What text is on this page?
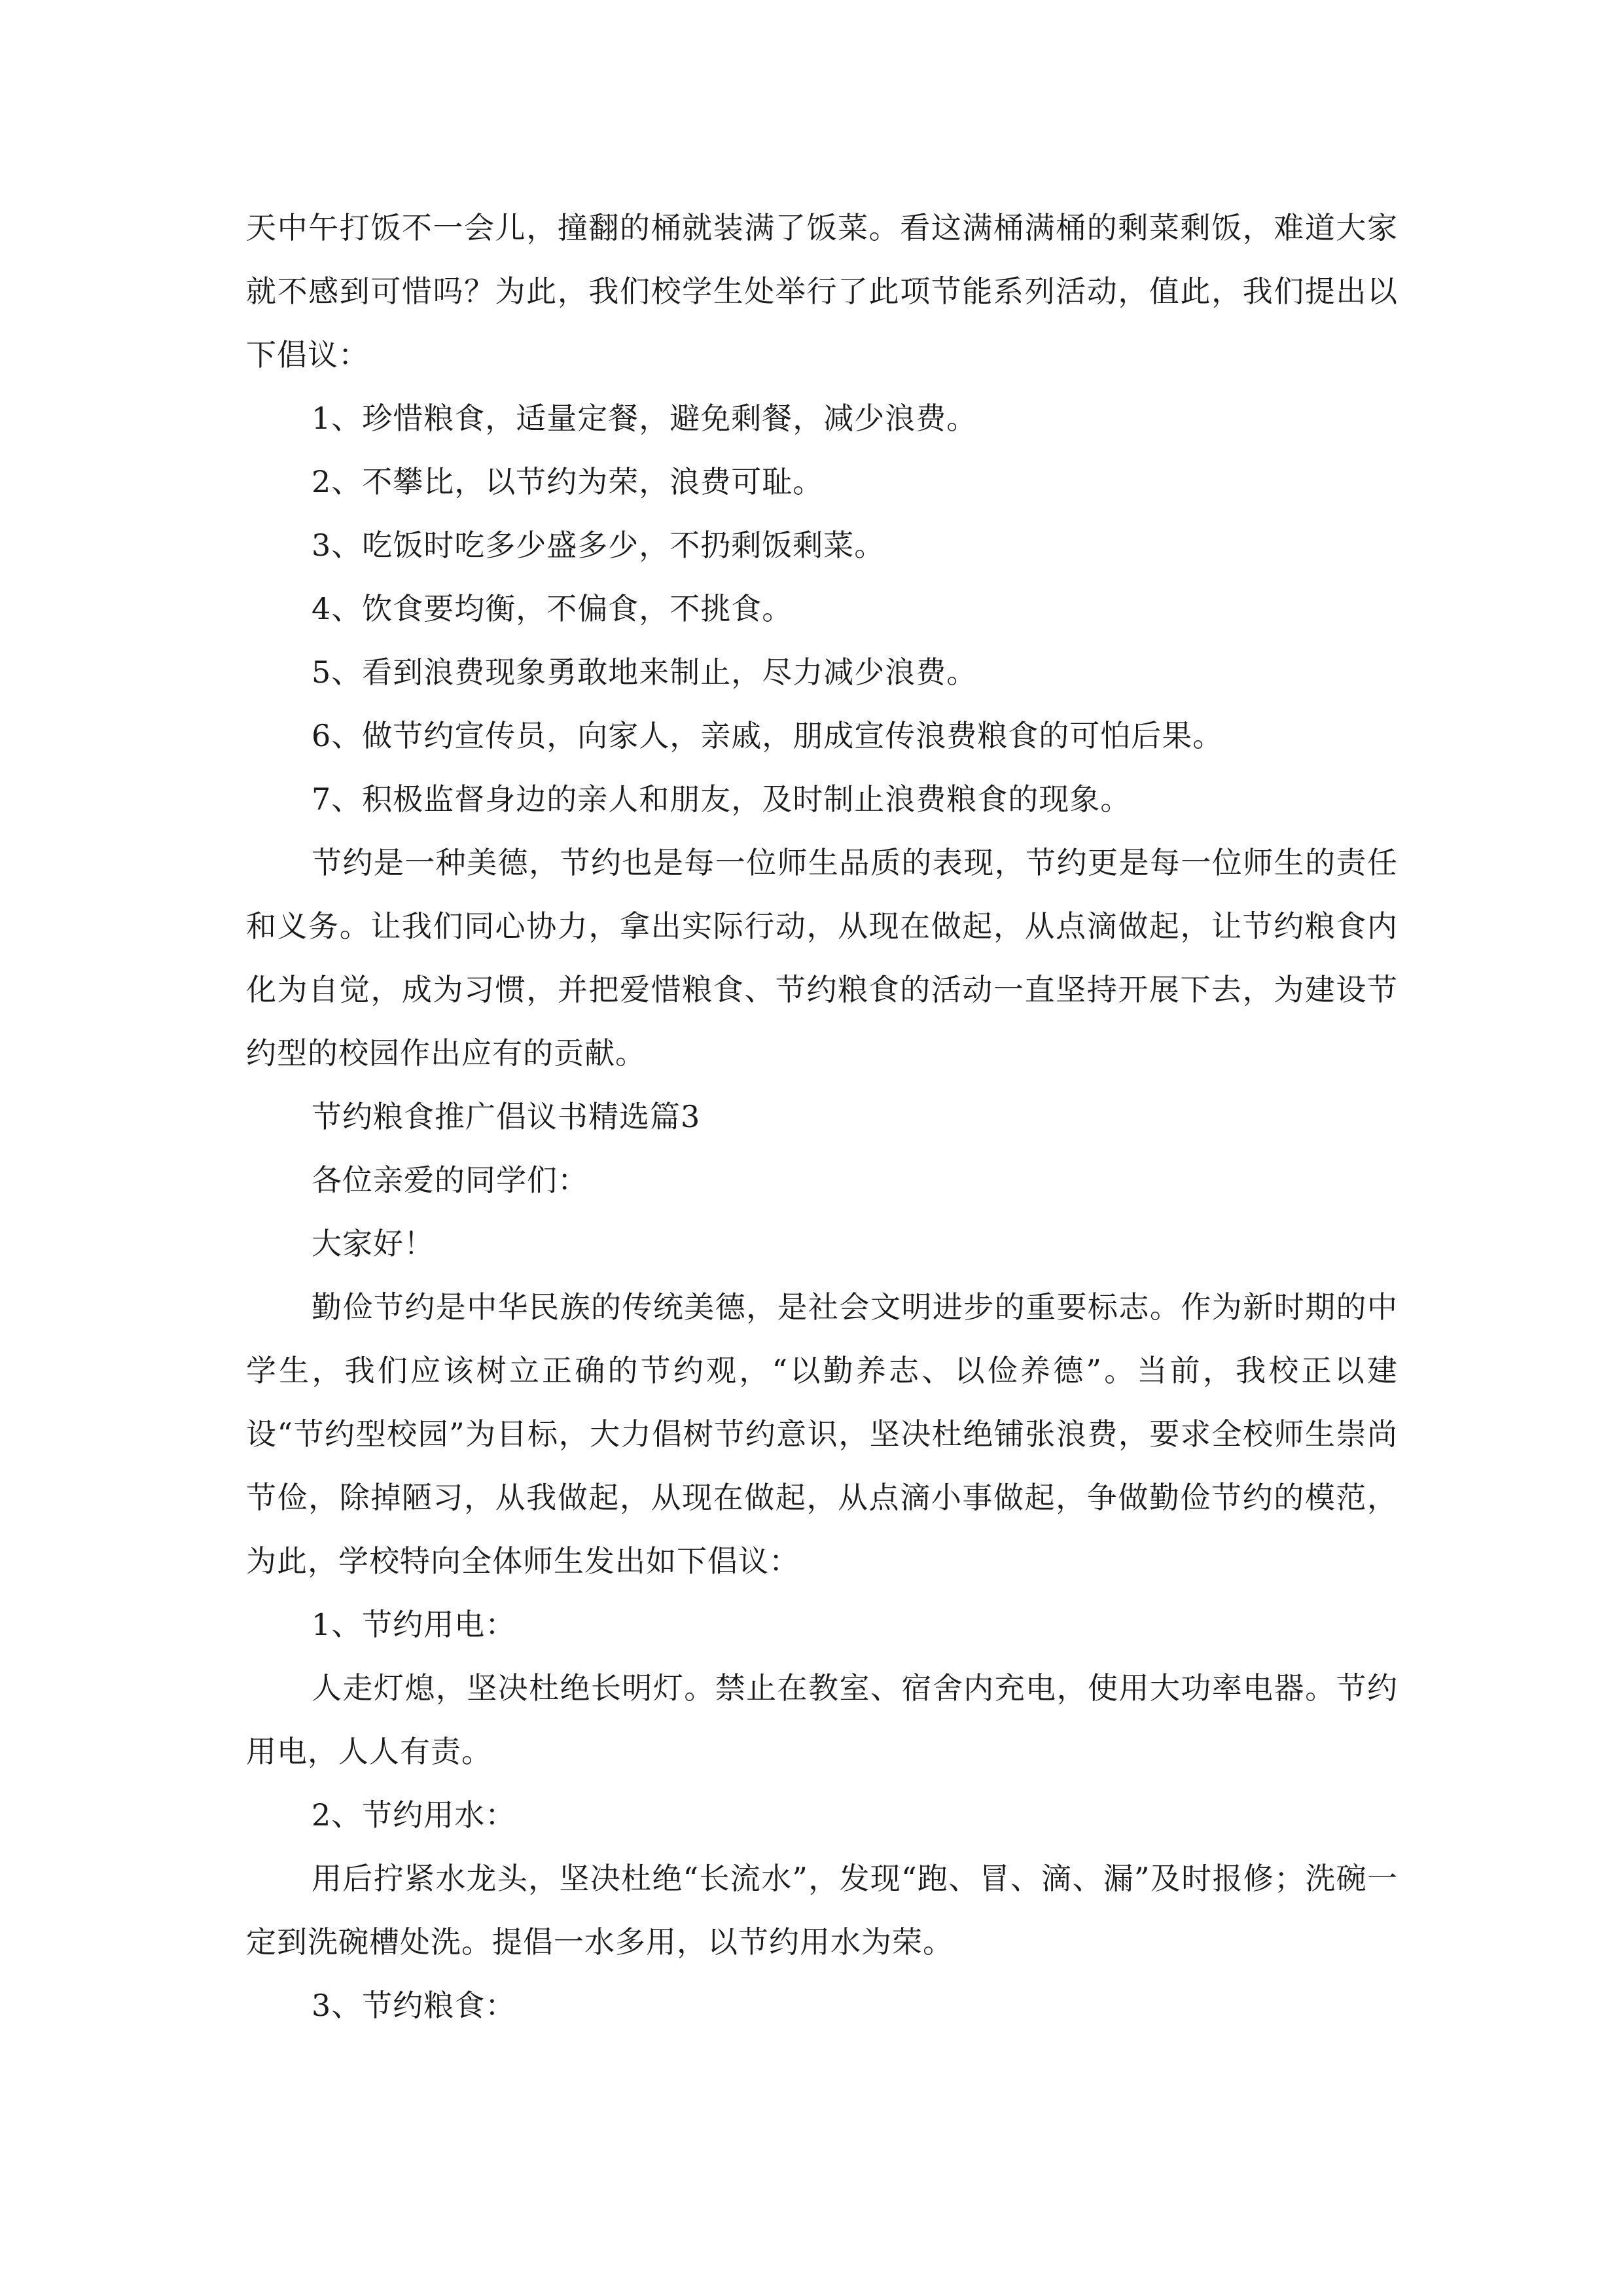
天中午打饭不一会儿，撞翻的桶就装满了饭菜。看这满桶满桶的剩菜剩饭，难道大家就不感到可惜吗？为此，我们校学生处举行了此项节能系列活动，值此，我们提出以下倡议：

1、珍惜粮食，适量定餐，避免剩餐，减少浪费。

2、不攀比，以节约为荣，浪费可耻。

3、吃饭时吃多少盛多少，不扔剩饭剩菜。

4、饮食要均衡，不偏食，不挑食。

5、看到浪费现象勇敢地来制止，尽力减少浪费。

6、做节约宣传员，向家人，亲戚，朋成宣传浪费粮食的可怕后果。

7、积极监督身边的亲人和朋友，及时制止浪费粮食的现象。

节约是一种美德，节约也是每一位师生品质的表现，节约更是每一位师生的责任和义务。让我们同心协力，拿出实际行动，从现在做起，从点滴做起，让节约粮食内化为自觉，成为习惯，并把爱惜粮食、节约粮食的活动一直坚持开展下去，为建设节约型的校园作出应有的贡献。

节约粮食推广倡议书精选篇3

各位亲爱的同学们：

大家好！

勤俭节约是中华民族的传统美德，是社会文明进步的重要标志。作为新时期的中学生，我们应该树立正确的节约观，“以勤养志、以俭养德”。当前，我校正以建设“节约型校园”为目标，大力倡树节约意识，坚决杜绝铺张浪费，要求全校师生崇尚节俭，除掉陋习，从我做起，从现在做起，从点滴小事做起，争做勤俭节约的模范，为此，学校特向全体师生发出如下倡议：

1、节约用电：

人走灯熄，坚决杜绝长明灯。禁止在教室、宿舍内充电，使用大功率电器。节约用电，人人有责。

2、节约用水：

用后拧紧水龙头，坚决杜绝“长流水”，发现“跑、冒、滴、漏”及时报修；洗碗一定到洗碗槽处洗。提倡一水多用，以节约用水为荣。

3、节约粮食：
